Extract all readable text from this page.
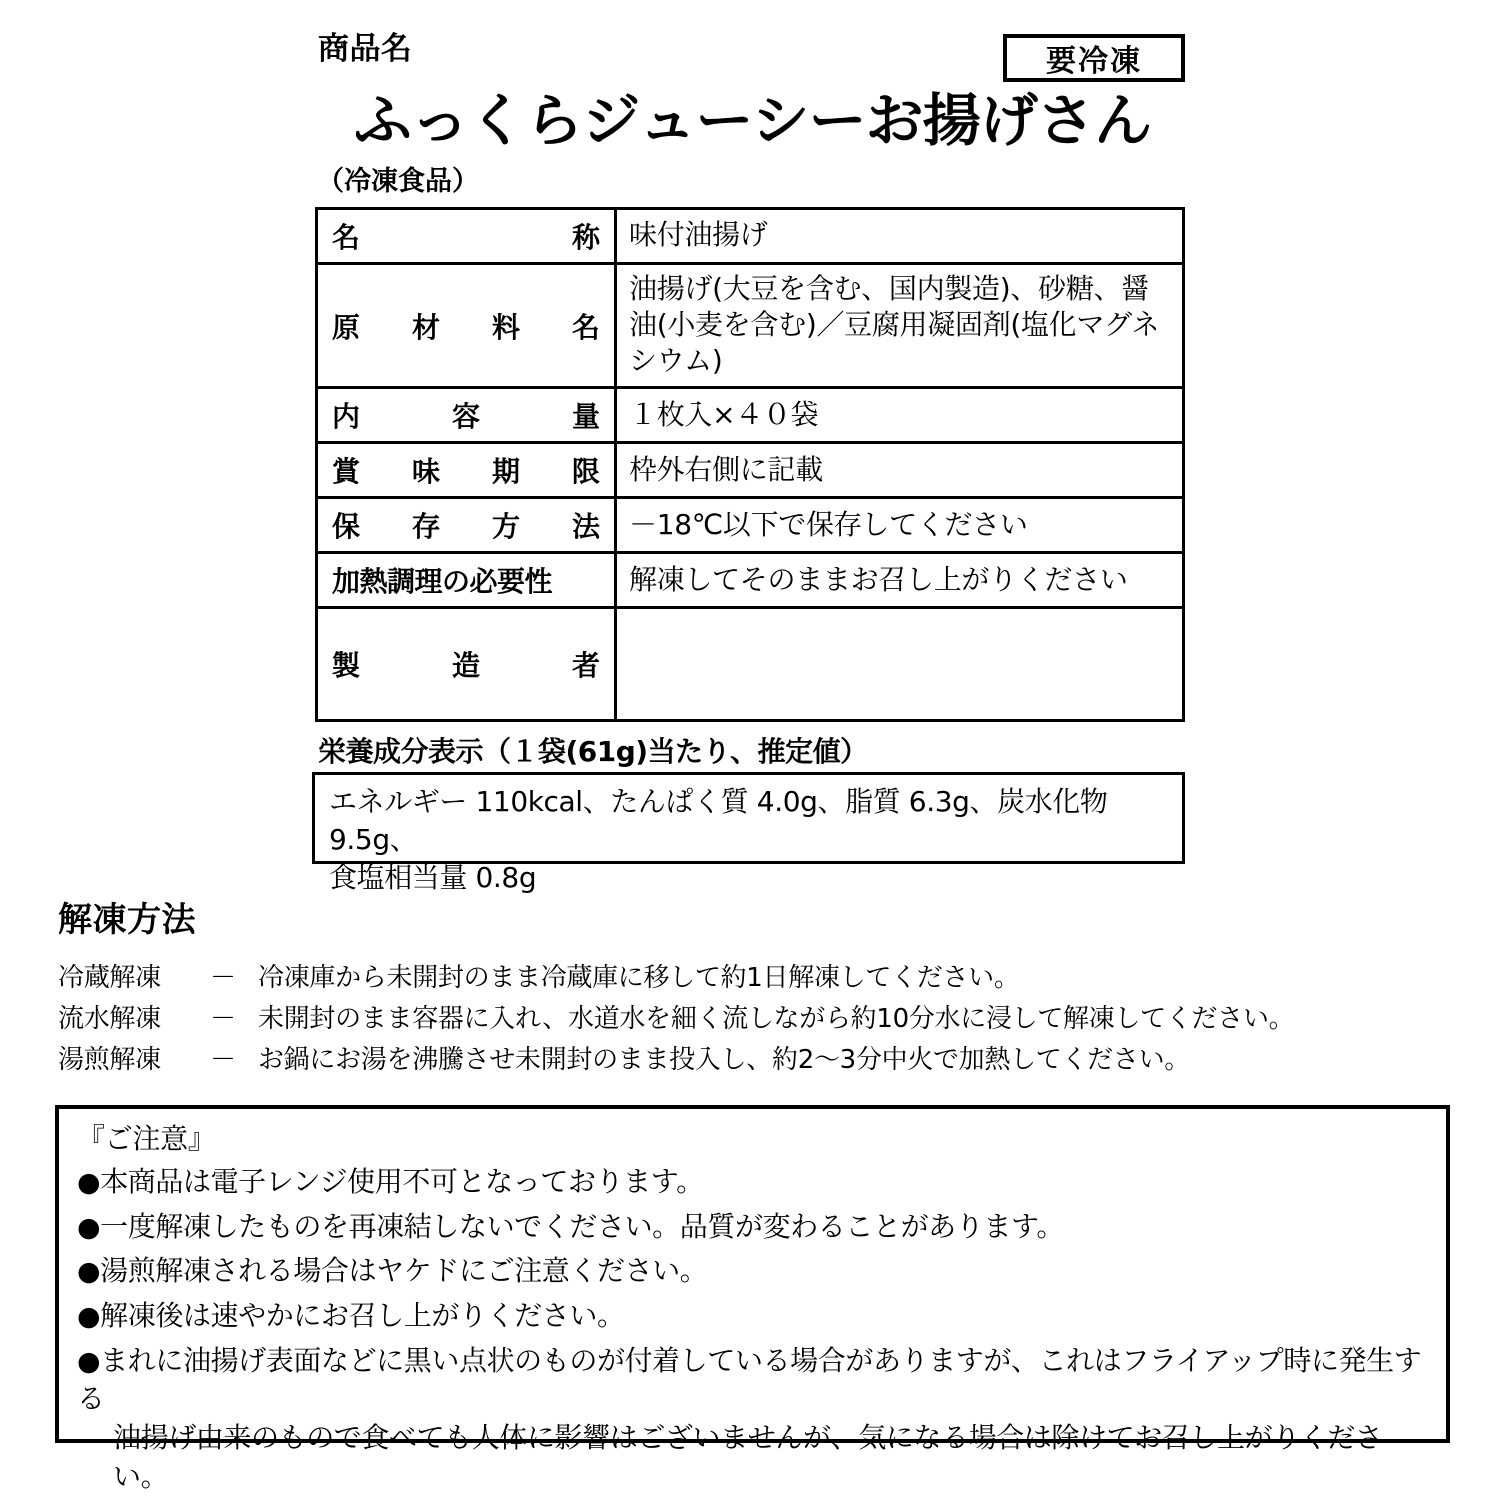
商品名	要冷凍
ふっくらジューシーお揚げさん
（冷凍食品）
名 称	味付油揚げ

原 材 料 名	油揚げ(大豆を含む、国内製造)、砂糖、醤油(小麦を含む)／豆腐用凝固剤(塩化マグネシウム)

内 容 量	１枚入×４０袋

賞 味 期 限	枠外右側に記載

保 存 方 法	－18℃以下で保存してください

加熱調理の必要性	解凍してそのままお召し上がりください

製 造 者	

栄養成分表示（１袋(61g)当たり、推定値）
エネルギー 110kcal、たんぱく質 4.0g、脂質 6.3g、炭水化物 9.5g、
食塩相当量 0.8g
解凍方法
冷蔵解凍	－ 冷凍庫から未開封のまま冷蔵庫に移して約1日解凍してください。
流水解凍	－ 未開封のまま容器に入れ、水道水を細く流しながら約10分水に浸して解凍してください。
湯煎解凍	－ お鍋にお湯を沸騰させ未開封のまま投入し、約2～3分中火で加熱してください。
『ご注意』
●本商品は電子レンジ使用不可となっております。
●一度解凍したものを再凍結しないでください。品質が変わることがあります。
●湯煎解凍される場合はヤケドにご注意ください。
●解凍後は速やかにお召し上がりください。
●まれに油揚げ表面などに黒い点状のものが付着している場合がありますが、これはフライアップ時に発生する
油揚げ由来のもので食べても人体に影響はございませんが、気になる場合は除けてお召し上がりください。
